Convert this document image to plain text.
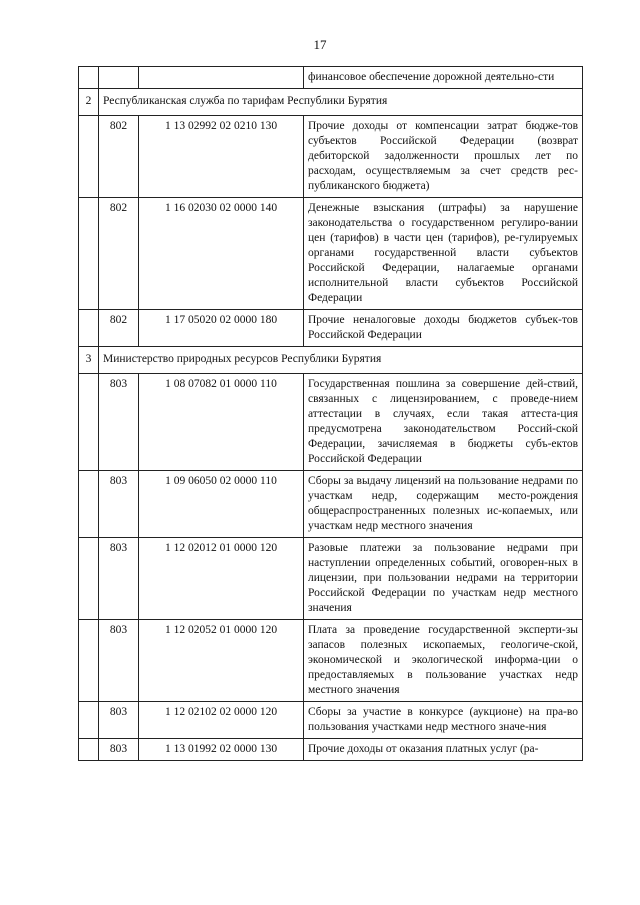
17
			финансовое обеспечение дорожной деятельно-сти
2	Республиканская служба по тарифам Республики Бурятия		
	802	1 13 02992 02 0210 130	Прочие доходы от компенсации затрат бюдже-тов субъектов Российской Федерации (возврат дебиторской задолженности прошлых лет по расходам, осуществляемым за счет средств рес-публиканского бюджета)
	802	1 16 02030 02 0000 140	Денежные взыскания (штрафы) за нарушение законодательства о государственном регулиро-вании цен (тарифов) в части цен (тарифов), ре-гулируемых органами государственной власти субъектов Российской Федерации, налагаемые органами исполнительной власти субъектов Российской Федерации
	802	1 17 05020 02 0000 180	Прочие неналоговые доходы бюджетов субъек-тов Российской Федерации
3	Министерство природных ресурсов Республики Бурятия		
	803	1 08 07082 01 0000 110	Государственная пошлина за совершение дей-ствий, связанных с лицензированием, с проведе-нием аттестации в случаях, если такая аттеста-ция предусмотрена законодательством Россий-ской Федерации, зачисляемая в бюджеты субъ-ектов Российской Федерации
	803	1 09 06050 02 0000 110	Сборы за выдачу лицензий на пользование недрами по участкам недр, содержащим место-рождения общераспространенных полезных ис-копаемых, или участкам недр местного значения
	803	1 12 02012 01 0000 120	Разовые платежи за пользование недрами при наступлении определенных событий, оговорен-ных в лицензии, при пользовании недрами на территории Российской Федерации по участкам недр местного значения
	803	1 12 02052 01 0000 120	Плата за проведение государственной эксперти-зы запасов полезных ископаемых, геологиче-ской, экономической и экологической информа-ции о предоставляемых в пользование участках недр местного значения
	803	1 12 02102 02 0000 120	Сборы за участие в конкурсе (аукционе) на пра-во пользования участками недр местного значе-ния
	803	1 13 01992 02 0000 130	Прочие доходы от оказания платных услуг (ра-
